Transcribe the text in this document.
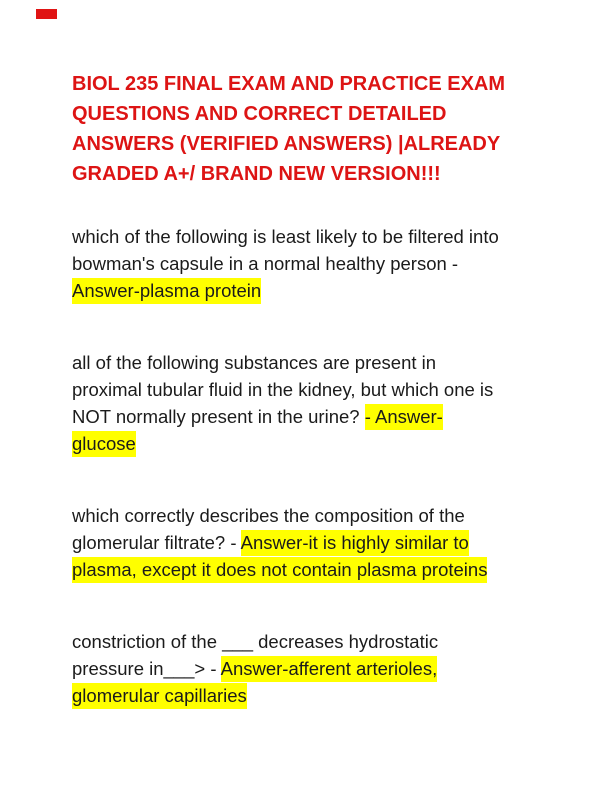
BIOL 235 FINAL EXAM AND PRACTICE EXAM
QUESTIONS AND CORRECT DETAILED
ANSWERS (VERIFIED ANSWERS) |ALREADY
GRADED A+/ BRAND NEW VERSION!!!
which of the following is least likely to be filtered into
bowman's capsule in a normal healthy person -
Answer-plasma protein
all of the following substances are present in
proximal tubular fluid in the kidney, but which one is
NOT normally present in the urine? - Answer-
glucose
which correctly describes the composition of the
glomerular filtrate? - Answer-it is highly similar to
plasma, except it does not contain plasma proteins
constriction of the ___ decreases hydrostatic
pressure in___> - Answer-afferent arterioles,
glomerular capillaries
